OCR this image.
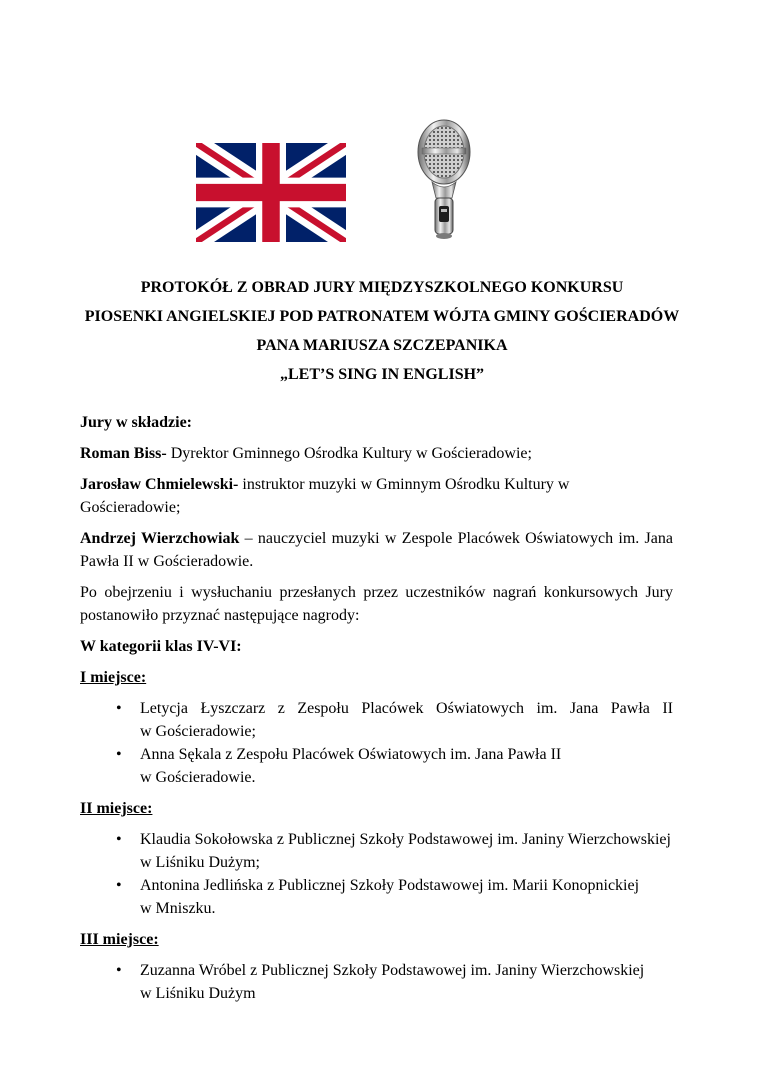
PROTOKÓŁ Z OBRAD JURY MIĘDZYSZKOLNEGO KONKURSU
PIOSENKI ANGIELSKIEJ POD PATRONATEM WÓJTA GMINY GOŚCIERADÓW
PANA MARIUSZA SZCZEPANIKA
„LET’S SING IN ENGLISH”

Jury w składzie:

Roman Biss- Dyrektor Gminnego Ośrodka Kultury w Gościeradowie;

Jarosław Chmielewski- instruktor muzyki w Gminnym Ośrodku Kultury w Gościeradowie;

Andrzej Wierzchowiak – nauczyciel muzyki w Zespole Placówek Oświatowych im. Jana Pawła II w Gościeradowie.

Po obejrzeniu i wysłuchaniu przesłanych przez uczestników nagrań konkursowych Jury postanowiło przyznać następujące nagrody:

W kategorii klas IV-VI:

I miejsce:

• Letycja Łyszczarz z Zespołu Placówek Oświatowych im. Jana Pawła II
w Gościeradowie;
• Anna Sękala z Zespołu Placówek Oświatowych im. Jana Pawła II
w Gościeradowie.

II miejsce:

• Klaudia Sokołowska z Publicznej Szkoły Podstawowej im. Janiny Wierzchowskiej
w Liśniku Dużym;
• Antonina Jedlińska z Publicznej Szkoły Podstawowej im. Marii Konopnickiej
w Mniszku.

III miejsce:

• Zuzanna Wróbel z Publicznej Szkoły Podstawowej im. Janiny Wierzchowskiej
w Liśniku Dużym
